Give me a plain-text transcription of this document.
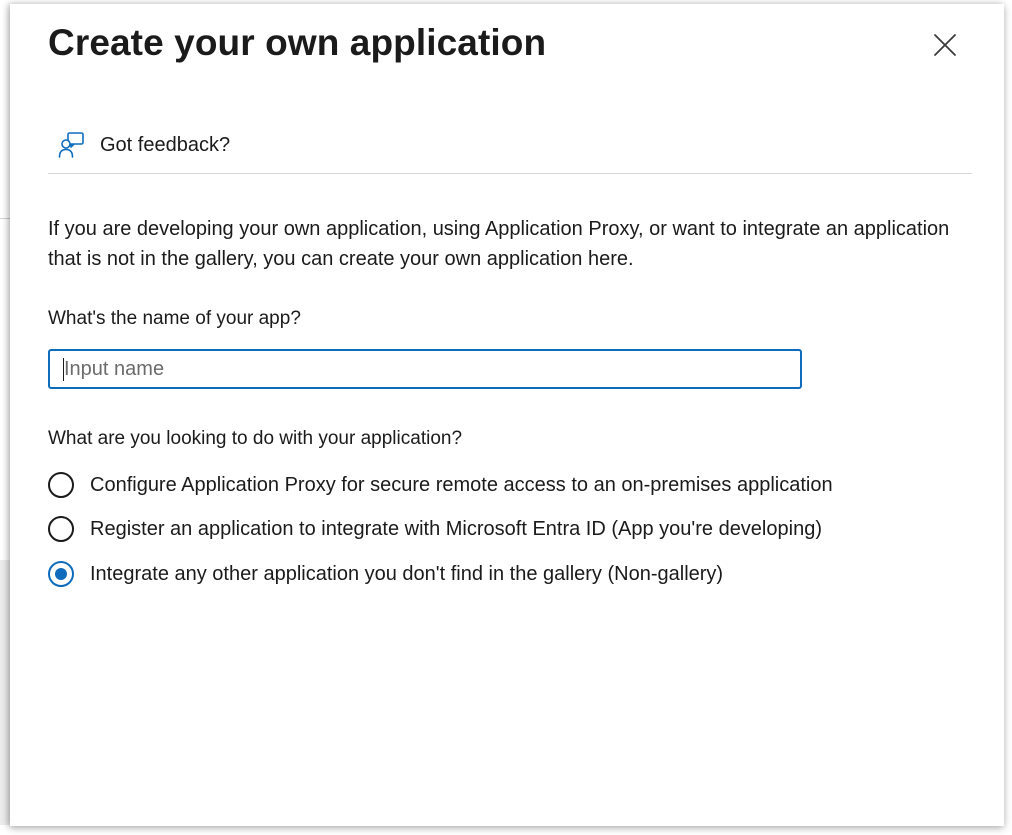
Create your own application
Got feedback?

If you are developing your own application, using Application Proxy, or want to integrate an application that is not in the gallery, you can create your own application here.

What's the name of your app?

Input name

What are you looking to do with your application?

Configure Application Proxy for secure remote access to an on-premises application
Register an application to integrate with Microsoft Entra ID (App you're developing)
Integrate any other application you don't find in the gallery (Non-gallery)
